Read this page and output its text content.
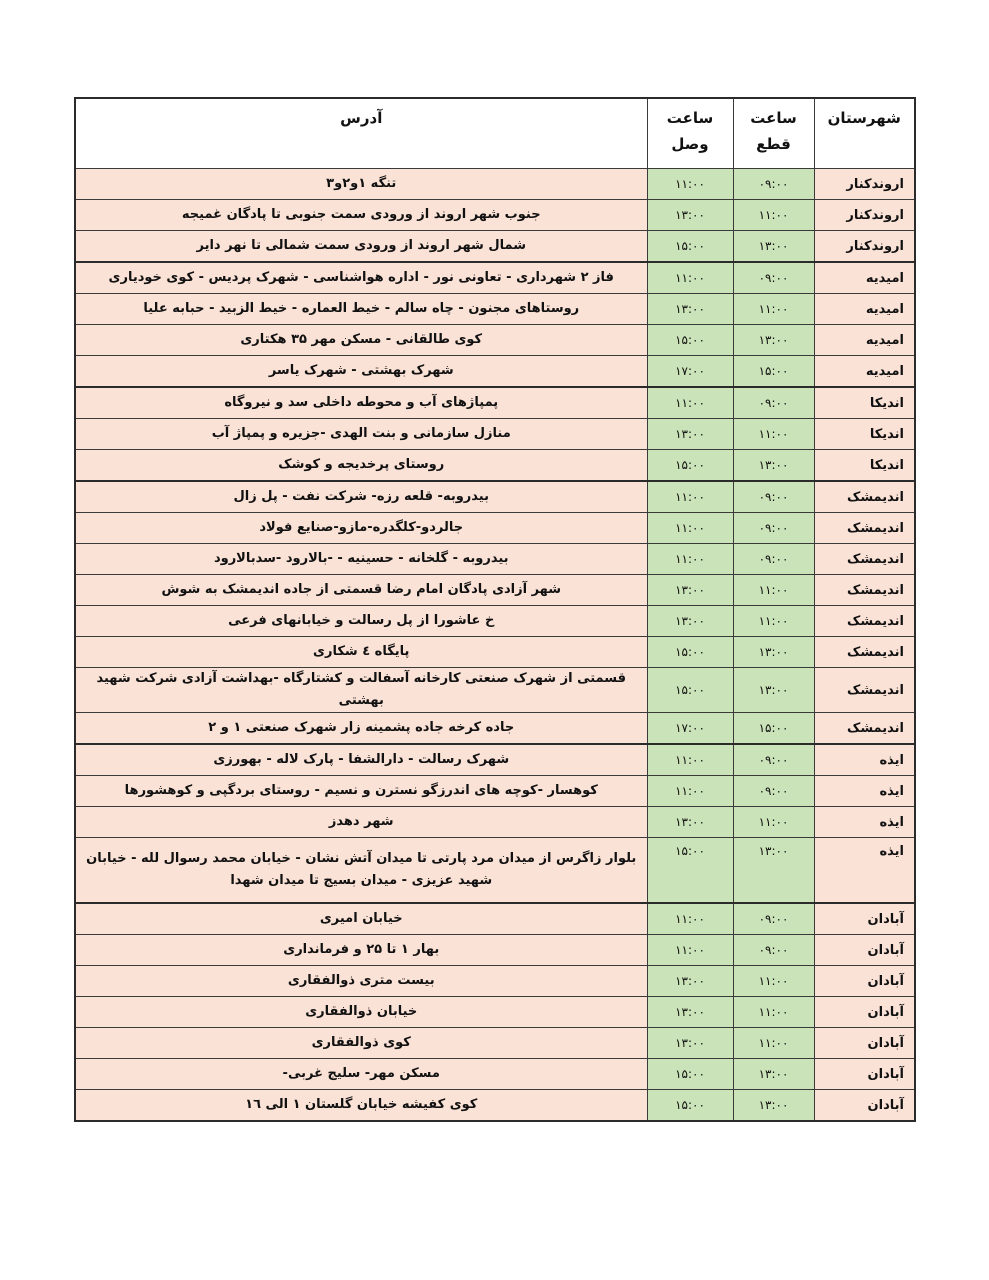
شهرستان	ساعت قطع	ساعت وصل	آدرس
اروندکنار	۰۹:۰۰	۱۱:۰۰	تنگه ۱و۲و۳
اروندکنار	۱۱:۰۰	۱۳:۰۰	جنوب شهر اروند از ورودی سمت جنوبی تا پادگان غمیجه
اروندکنار	۱۳:۰۰	۱۵:۰۰	شمال شهر اروند از ورودی سمت شمالی تا نهر دایر
امیدیه	۰۹:۰۰	۱۱:۰۰	فاز ۲ شهرداری - تعاونی نور - اداره هواشناسی - شهرک پردیس - کوی خودیاری
امیدیه	۱۱:۰۰	۱۳:۰۰	روستاهای مجنون - چاه سالم - خیط العماره - خیط الزبید - حبابه علیا
امیدیه	۱۳:۰۰	۱۵:۰۰	کوی طالقانی - مسکن مهر ۳۵ هکتاری
امیدیه	۱۵:۰۰	۱۷:۰۰	شهرک بهشتی - شهرک یاسر
اندیکا	۰۹:۰۰	۱۱:۰۰	پمپاژهای آب و محوطه داخلی سد و نیروگاه
اندیکا	۱۱:۰۰	۱۳:۰۰	منازل سازمانی و بنت الهدی -جزیره و پمپاژ آب
اندیکا	۱۳:۰۰	۱۵:۰۰	روستای پرخدیجه و کوشک
اندیمشک	۰۹:۰۰	۱۱:۰۰	بیدروبه- قلعه رزه- شرکت نفت - پل زال
اندیمشک	۰۹:۰۰	۱۱:۰۰	جالردو-کلگدره-مازو-صنایع فولاد
اندیمشک	۰۹:۰۰	۱۱:۰۰	بیدروبه - گلخانه - حسینیه - -بالارود -سدبالارود
اندیمشک	۱۱:۰۰	۱۳:۰۰	شهر آزادی پادگان امام رضا قسمتی از جاده اندیمشک به شوش
اندیمشک	۱۱:۰۰	۱۳:۰۰	خ عاشورا از پل رسالت و خیابانهای فرعی
اندیمشک	۱۳:۰۰	۱۵:۰۰	پایگاه ٤ شکاری
اندیمشک	۱۳:۰۰	۱۵:۰۰	قسمتی از شهرک صنعتی کارخانه آسفالت و کشتارگاه -بهداشت آزادی شرکت شهید بهشتی
اندیمشک	۱۵:۰۰	۱۷:۰۰	جاده کرخه جاده پشمینه زار شهرک صنعتی ۱ و ۲
ایذه	۰۹:۰۰	۱۱:۰۰	شهرک رسالت - دارالشفا - پارک لاله - بهورزی
ایذه	۰۹:۰۰	۱۱:۰۰	کوهسار -کوچه های اندرزگو نسترن و نسیم - روستای بردگپی و کوهشورها
ایذه	۱۱:۰۰	۱۳:۰۰	شهر دهدز
ایذه	۱۳:۰۰	۱۵:۰۰	بلوار زاگرس از میدان مرد پارتی تا میدان آتش نشان - خیابان محمد رسوال لله - خیابان شهید عزیزی - میدان بسیج تا میدان شهدا
آبادان	۰۹:۰۰	۱۱:۰۰	خیابان امیری
آبادان	۰۹:۰۰	۱۱:۰۰	بهار ۱ تا ۲۵ و فرمانداری
آبادان	۱۱:۰۰	۱۳:۰۰	بیست متری ذوالفقاری
آبادان	۱۱:۰۰	۱۳:۰۰	خیابان ذوالفقاری
آبادان	۱۱:۰۰	۱۳:۰۰	کوی ذوالفقاری
آبادان	۱۳:۰۰	۱۵:۰۰	مسکن مهر- سلیج غربی-
آبادان	۱۳:۰۰	۱۵:۰۰	کوی کفیشه خیابان گلستان ۱ الی ١٦
